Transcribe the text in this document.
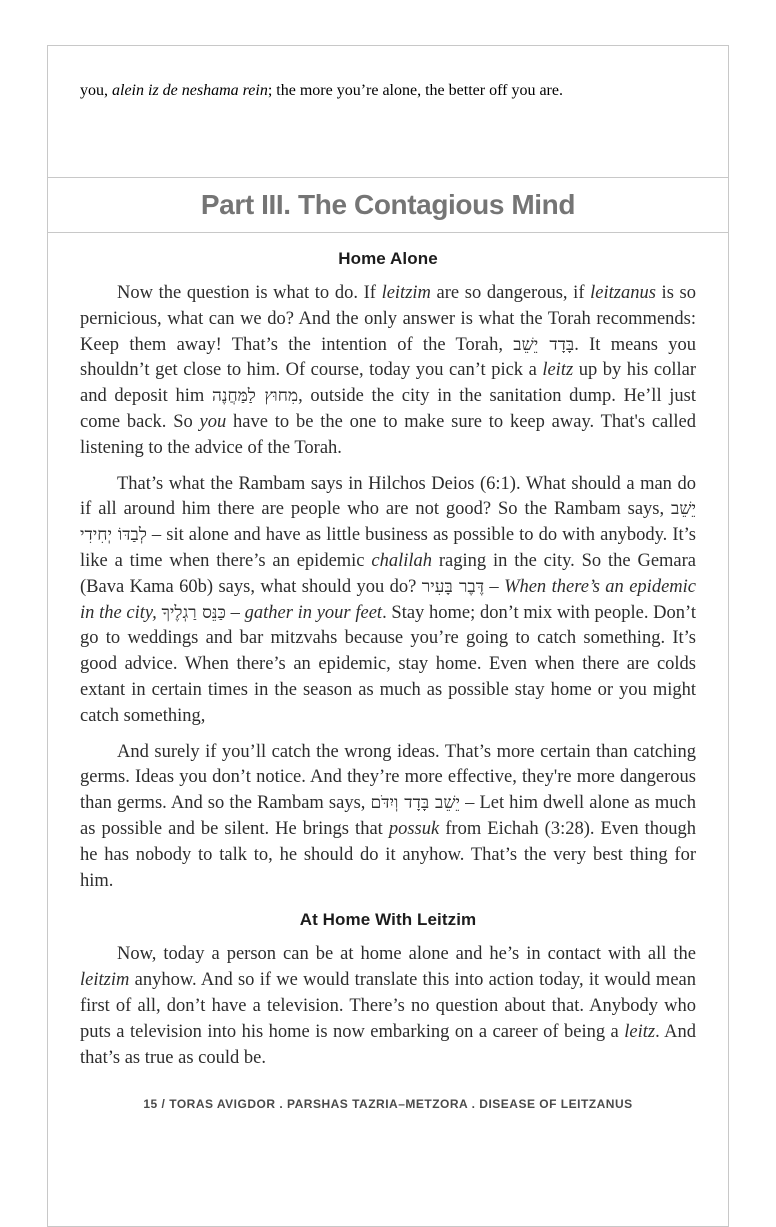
you, alein iz de neshama rein; the more you’re alone, the better off you are.

Part III. The Contagious Mind
Home Alone

Now the question is what to do. If leitzim are so dangerous, if leitzanus is so pernicious, what can we do? And the only answer is what the Torah recommends: Keep them away! That’s the intention of the Torah, בָּדָד יֵשֵׁב. It means you shouldn’t get close to him. Of course, today you can’t pick a leitz up by his collar and deposit him מִחוּץ לַמַּחֲנֶה, outside the city in the sanitation dump. He’ll just come back. So you have to be the one to make sure to keep away. That's called listening to the advice of the Torah.

That’s what the Rambam says in Hilchos Deios (6:1). What should a man do if all around him there are people who are not good? So the Rambam says, יֵשֵׁב לְבַדּוֹ יְחִידִי – sit alone and have as little business as possible to do with anybody. It’s like a time when there’s an epidemic chalilah raging in the city. So the Gemara (Bava Kama 60b) says, what should you do? דֶּבֶר בָּעִיר – When there’s an epidemic in the city, כַּנֵּס רַגְלֶיךָ – gather in your feet. Stay home; don’t mix with people. Don’t go to weddings and bar mitzvahs because you’re going to catch something. It’s good advice. When there’s an epidemic, stay home. Even when there are colds extant in certain times in the season as much as possible stay home or you might catch something,

And surely if you’ll catch the wrong ideas. That’s more certain than catching germs. Ideas you don’t notice. And they’re more effective, they're more dangerous than germs. And so the Rambam says, יֵשֵׁב בָּדָד וְיִדֹּם – Let him dwell alone as much as possible and be silent. He brings that possuk from Eichah (3:28). Even though he has nobody to talk to, he should do it anyhow. That’s the very best thing for him.

At Home With Leitzim

Now, today a person can be at home alone and he’s in contact with all the leitzim anyhow. And so if we would translate this into action today, it would mean first of all, don’t have a television. There’s no question about that. Anybody who puts a television into his home is now embarking on a career of being a leitz. And that’s as true as could be.

15 / TORAS AVIGDOR . PARSHAS TAZRIA–METZORA . DISEASE OF LEITZANUS
